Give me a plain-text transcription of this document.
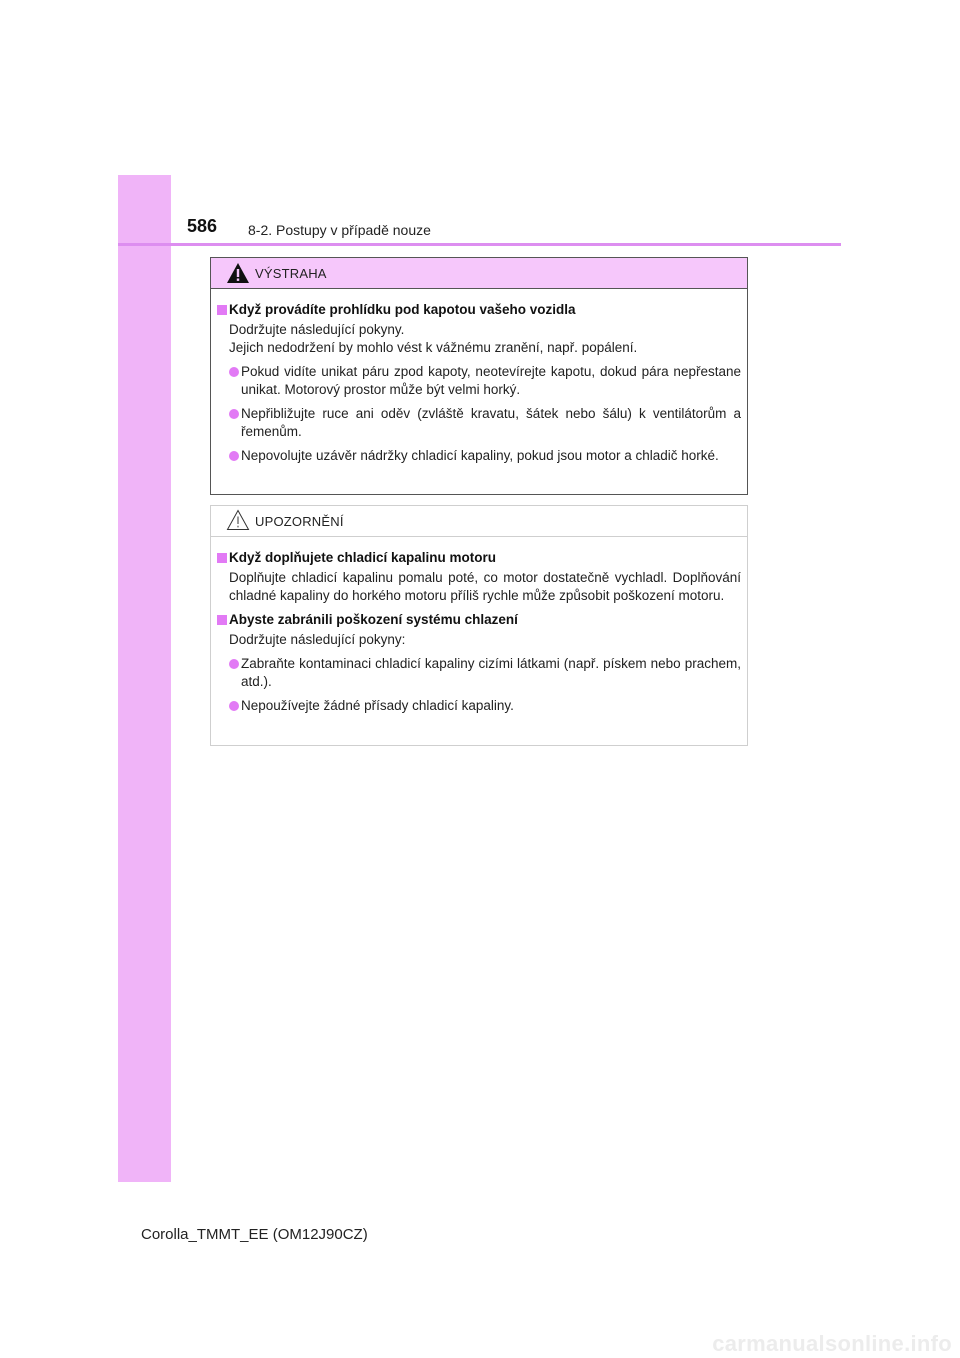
586 8-2. Postupy v případě nouze
VÝSTRAHA
Když provádíte prohlídku pod kapotou vašeho vozidla
Dodržujte následující pokyny.
Jejich nedodržení by mohlo vést k vážnému zranění, např. popálení.
Pokud vidíte unikat páru zpod kapoty, neotevírejte kapotu, dokud pára nepřestane unikat. Motorový prostor může být velmi horký.
Nepřibližujte ruce ani oděv (zvláště kravatu, šátek nebo šálu) k ventilátorům a řemenům.
Nepovolujte uzávěr nádržky chladicí kapaliny, pokud jsou motor a chladič horké.
UPOZORNĚNÍ
Když doplňujete chladicí kapalinu motoru
Doplňujte chladicí kapalinu pomalu poté, co motor dostatečně vychladl. Doplňování chladné kapaliny do horkého motoru příliš rychle může způsobit poškození motoru.
Abyste zabránili poškození systému chlazení
Dodržujte následující pokyny:
Zabraňte kontaminaci chladicí kapaliny cizími látkami (např. pískem nebo prachem, atd.).
Nepoužívejte žádné přísady chladicí kapaliny.
Corolla_TMMT_EE (OM12J90CZ)
carmanualsonline.info
